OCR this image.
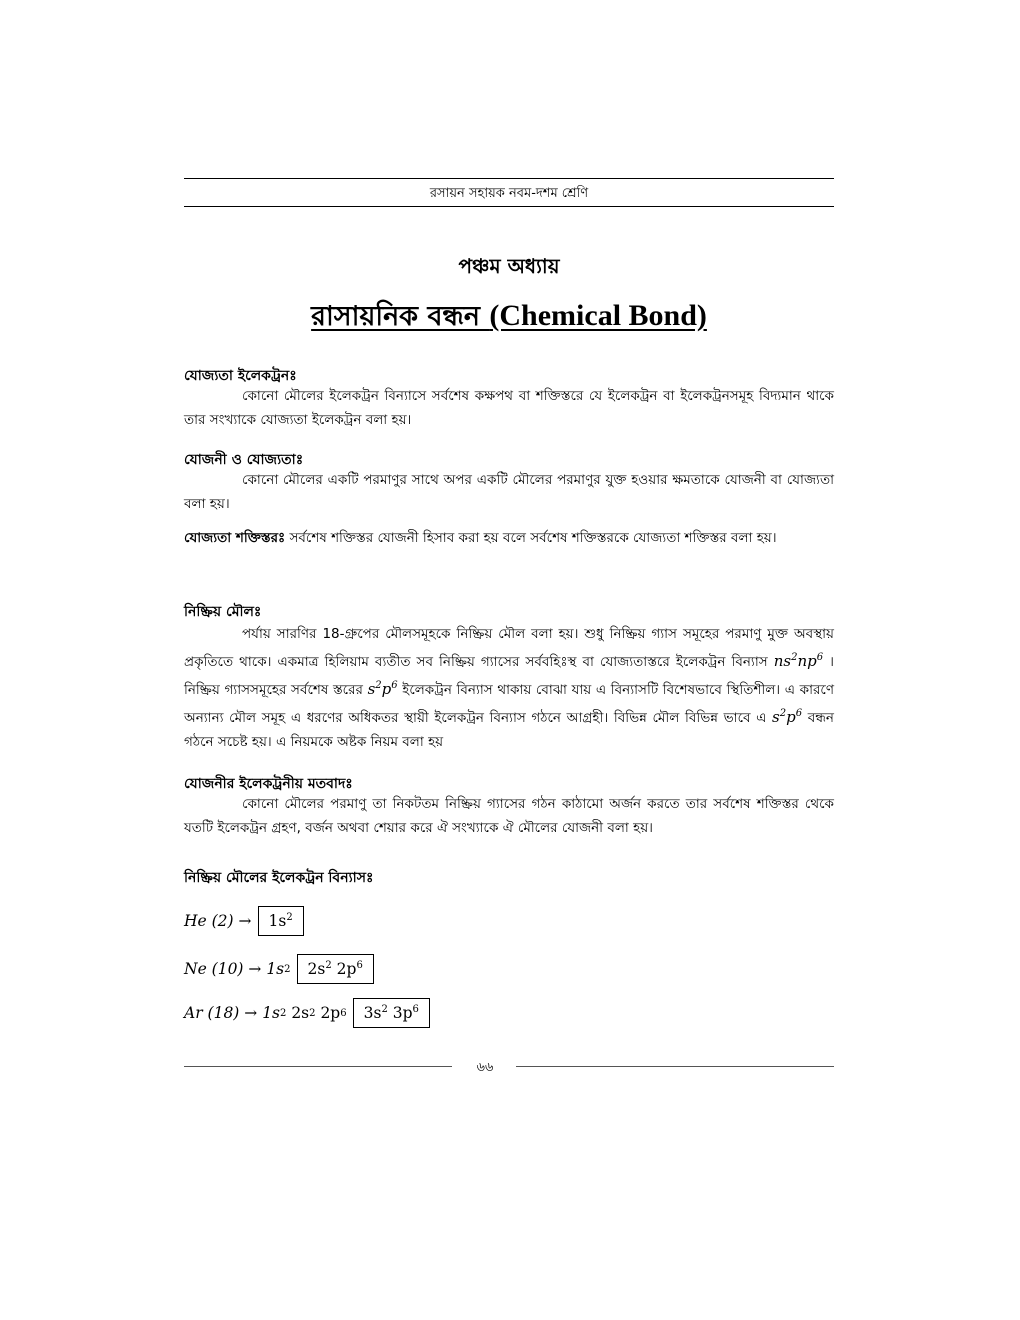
রসায়ন সহায়ক নবম-দশম শ্রেণি
পঞ্চম অধ্যায়
রাসায়নিক বন্ধন (Chemical Bond)
যোজ্যতা ইলেকট্রনঃ
কোনো মৌলের ইলেকট্রন বিন্যাসে সর্বশেষ কক্ষপথ বা শক্তিস্তরে যে ইলেকট্রন বা ইলেকট্রনসমূহ বিদ্যমান থাকে তার সংখ্যাকে যোজ্যতা ইলেকট্রন বলা হয়।
যোজনী ও যোজ্যতাঃ
কোনো মৌলের একটি পরমাণুর সাথে অপর একটি মৌলের পরমাণুর যুক্ত হওয়ার ক্ষমতাকে যোজনী বা যোজ্যতা বলা হয়।
যোজ্যতা শক্তিস্তরঃ সর্বশেষ শক্তিস্তর যোজনী হিসাব করা হয় বলে সর্বশেষ শক্তিস্তরকে যোজ্যতা শক্তিস্তর বলা হয়।
নিষ্ক্রিয় মৌলঃ
পর্যায় সারণির 18-গ্রুপের মৌলসমূহকে নিষ্ক্রিয় মৌল বলা হয়। শুধু নিষ্ক্রিয় গ্যাস সমূহের পরমাণু মুক্ত অবস্থায় প্রকৃতিতে থাকে। একমাত্র হিলিয়াম ব্যতীত সব নিষ্ক্রিয় গ্যাসের সর্ববহিঃস্থ বা যোজ্যতাস্তরে ইলেকট্রন বিন্যাস $ns^2np^6$ । নিষ্ক্রিয় গ্যাসসমূহের সর্বশেষ স্তরের $s^2p^6$ ইলেকট্রন বিন্যাস থাকায় বোঝা যায় এ বিন্যাসটি বিশেষভাবে স্থিতিশীল। এ কারণে অন্যান্য মৌল সমূহ এ ধরণের অধিকতর স্থায়ী ইলেকট্রন বিন্যাস গঠনে আগ্রহী। বিভিন্ন মৌল বিভিন্ন ভাবে এ $s^2p^6$ বন্ধন গঠনে সচেষ্ট হয়। এ নিয়মকে অষ্টক নিয়ম বলা হয়
যোজনীর ইলেকট্রনীয় মতবাদঃ
কোনো মৌলের পরমাণু তা নিকটতম নিষ্ক্রিয় গ্যাসের গঠন কাঠামো অর্জন করতে তার সর্বশেষ শক্তিস্তর থেকে যতটি ইলেকট্রন গ্রহণ, বর্জন অথবা শেয়ার করে ঐ সংখ্যাকে ঐ মৌলের যোজনী বলা হয়।
নিষ্ক্রিয় মৌলের ইলেকট্রন বিন্যাসঃ
He (2) →	$1s^2$
Ne (10) → 1s 2	$2s^2$ $2p^6$
Ar (18) → 1s 2 2s 2 2p 6	$3s^2$ $3p^6$
৬৬
